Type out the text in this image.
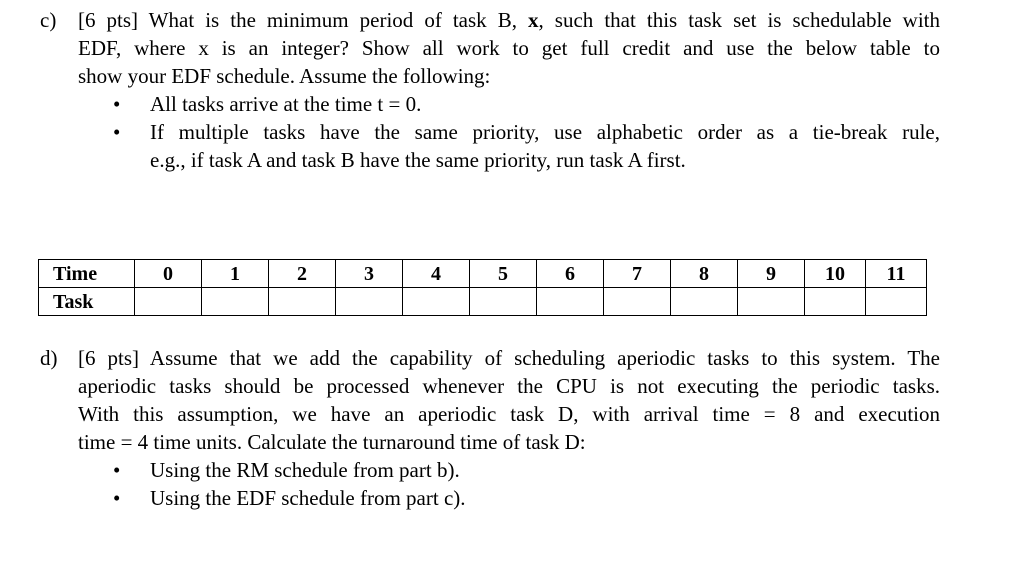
c) [6 pts] What is the minimum period of task B, x, such that this task set is schedulable with
EDF, where x is an integer? Show all work to get full credit and use the below table to
show your EDF schedule. Assume the following:
• All tasks arrive at the time t = 0.
• If multiple tasks have the same priority, use alphabetic order as a tie-break rule,
e.g., if task A and task B have the same priority, run task A first.
Time	0	1	2	3	4	5	6	7	8	9	10	11
Task												
d) [6 pts] Assume that we add the capability of scheduling aperiodic tasks to this system. The
aperiodic tasks should be processed whenever the CPU is not executing the periodic tasks.
With this assumption, we have an aperiodic task D, with arrival time = 8 and execution
time = 4 time units. Calculate the turnaround time of task D:
• Using the RM schedule from part b).
• Using the EDF schedule from part c).
